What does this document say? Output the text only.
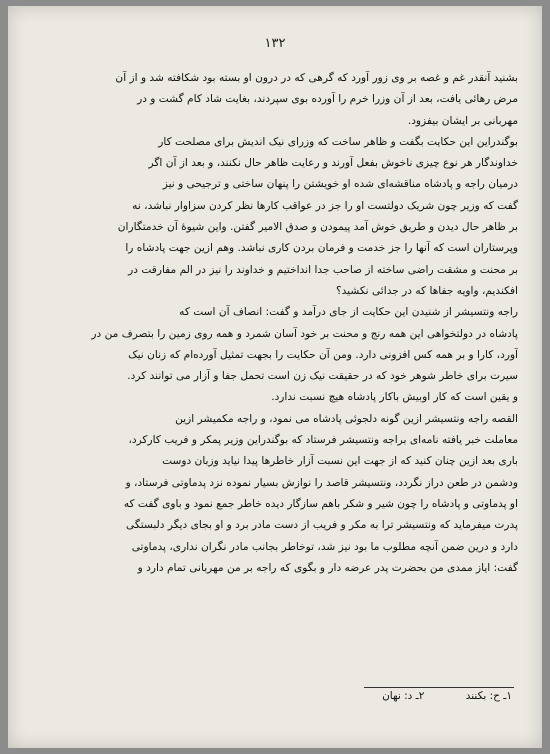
۱۳۲
بشنید آنقدر غم و غصه بر وی زور آورد که گرهی که در درون او بسته بود شکافته شد و از آن
مرض رهائی یافت، بعد از آن وزرا خرم را آورده بوی سپردند، بغایت شاد کام گشت و در
مهربانی بر ایشان بیفزود.
بوگندراین این حکایت بگفت و ظاهر ساخت که وزرای نیک اندیش برای مصلحت کار
خداوندگار هر نوع چیزی ناخوش بفعل آورند و رعایت ظاهر حال نکنند، و بعد از آن اگر
درمیان راجه و پادشاه مناقشه‌ای شده او خویشتن را پنهان ساختی و ترجیحی و نیز
گفت که وزیر چون شریک دولتست او را جز در عواقب کارها نظر کردن سزاوار نباشد، نه
بر ظاهر حال دیدن و طریق خوش آمد پیمودن و صدق الامیر گفتن. واین شیوۀ آن خدمتگاران
وپرستاران است که آنها را جز خدمت و فرمان بردن کاری نباشد. وهم ازین جهت پادشاه را
بر محنت و مشقت راضی ساخته از صاحب جدا انداختیم و خداوند را نیز در الم مفارقت در
افکندیم، واویه جفاها که در جدائی نکشید؟
راجه ونتسیشر از شنیدن این حکایت از جای درآمد و گفت: انصاف آن است که
پادشاه در دولتخواهی این همه رنج و محنت بر خود آسان شمرد و همه روی زمین را بتصرف من در
آورد، کارا و بر همه کس افزونی دارد. ومن آن حکایت را بجهت تمثیل آورده‌ام که زنان نیک
سیرت برای خاطر شوهر خود که در حقیقت نیک زن است تحمل جفا و آزار می توانند کرد.
و یقین است که کار اوبیش باکار پادشاه هیچ نسبت ندارد.
القصه راجه ونتسیشر ازین گونه دلجوئی پادشاه می نمود، و راجه مکمیشر ازین
معاملت خبر یافته نامه‌ای براجه ونتسیشر فرستاد که بوگندراین وزیر پمکر و فریب کارکرد،
باری بعد ازین چنان کنید که از جهت این نسبت آزار خاطرها پیدا نیاید وزبان دوست
ودشمن در طعن دراز نگردد، ونتسیشر قاصد را نوازش بسیار نموده نزد پدماوتی فرستاد، و
او پدماوتی و پادشاه را چون شیر و شکر باهم سازگار دیده خاطر جمع نمود و باوی گفت که
پدرت میفرماید که ونتسیشر ترا به مکر و فریب از دست مادر برد و او بجای دیگر دلبستگی
دارد و درین ضمن آنچه مطلوب ما بود نیز شد، توخاطر بجانب مادر نگران نداری، پدماوتی
گفت: ایاز ممدی من بحضرت پدر عرضه دار و بگوی که راجه بر من مهربانی تمام دارد و
۱ـ ح: بکنند ۲ـ د: نهان
